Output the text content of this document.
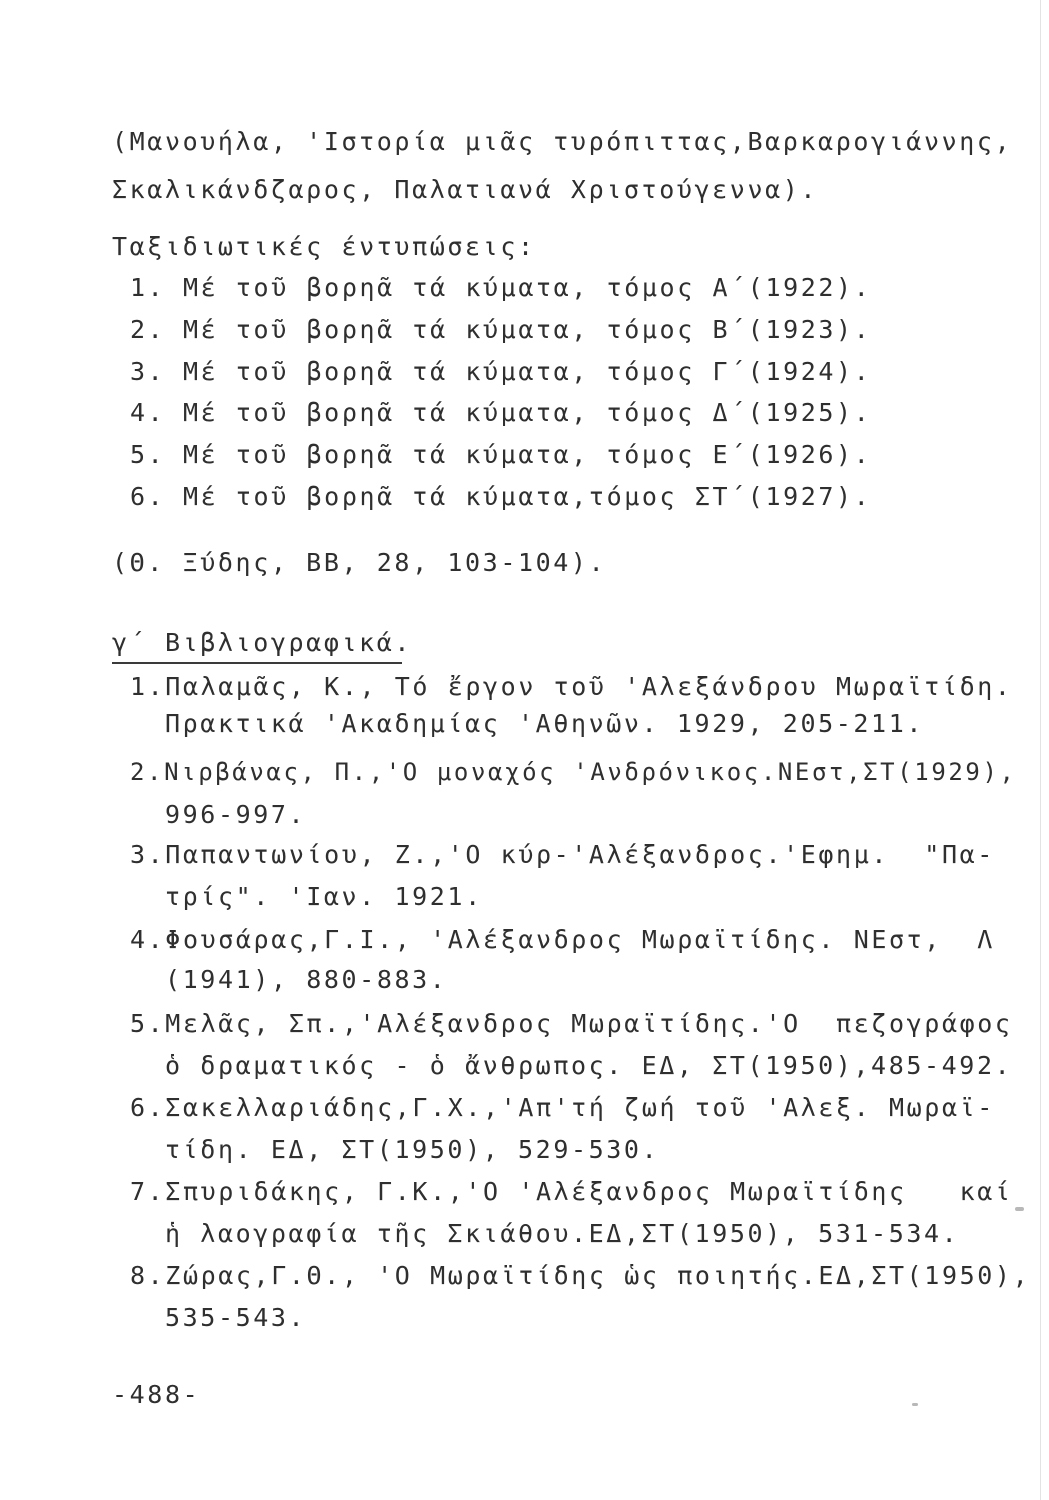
(Μανουήλα, 'Ιστορία μιᾶς τυρόπιττας,Βαρκαρογιάννης,
Σκαλικάνδζαρος, Παλατιανά Χριστούγεννα).
Ταξιδιωτικές έντυπώσεις:
1. Μέ τοῦ βορηᾶ τά κύματα, τόμος Α΄(1922).
2. Μέ τοῦ βορηᾶ τά κύματα, τόμος Β΄(1923).
3. Μέ τοῦ βορηᾶ τά κύματα, τόμος Γ΄(1924).
4. Μέ τοῦ βορηᾶ τά κύματα, τόμος Δ΄(1925).
5. Μέ τοῦ βορηᾶ τά κύματα, τόμος Ε΄(1926).
6. Μέ τοῦ βορηᾶ τά κύματα,τόμος ΣΤ΄(1927).
(Θ. Ξύδης, ΒΒ, 28, 103-104).
γ΄ Βιβλιογραφικά.
1.Παλαμᾶς, Κ., Τό ἔργον τοῦ 'Αλεξάνδρου Μωραϊτίδη.
Πρακτικά 'Ακαδημίας 'Αθηνῶν. 1929, 205-211.
2.Νιρβάνας, Π.,'Ο μοναχός 'Ανδρόνικος.ΝΕστ,ΣΤ(1929),
996-997.
3.Παπαντωνίου, Ζ.,'Ο κύρ-'Αλέξανδρος.'Εφημ.  "Πα-
τρίς". 'Ιαν. 1921.
4.Φουσάρας,Γ.Ι., 'Αλέξανδρος Μωραϊτίδης. ΝΕστ,  Λ
(1941), 880-883.
5.Μελᾶς, Σπ.,'Αλέξανδρος Μωραϊτίδης.'Ο  πεζογράφος
ὁ δραματικός - ὁ ἄνθρωπος. ΕΔ, ΣΤ(1950),485-492.
6.Σακελλαριάδης,Γ.Χ.,'Απ'τή ζωή τοῦ 'Αλεξ. Μωραϊ-
τίδη. ΕΔ, ΣΤ(1950), 529-530.
7.Σπυριδάκης, Γ.Κ.,'Ο 'Αλέξανδρος Μωραϊτίδης   καί
ἡ λαογραφία τῆς Σκιάθου.ΕΔ,ΣΤ(1950), 531-534.
8.Ζώρας,Γ.Θ., 'Ο Μωραϊτίδης ὡς ποιητής.ΕΔ,ΣΤ(1950),
535-543.
-488-
